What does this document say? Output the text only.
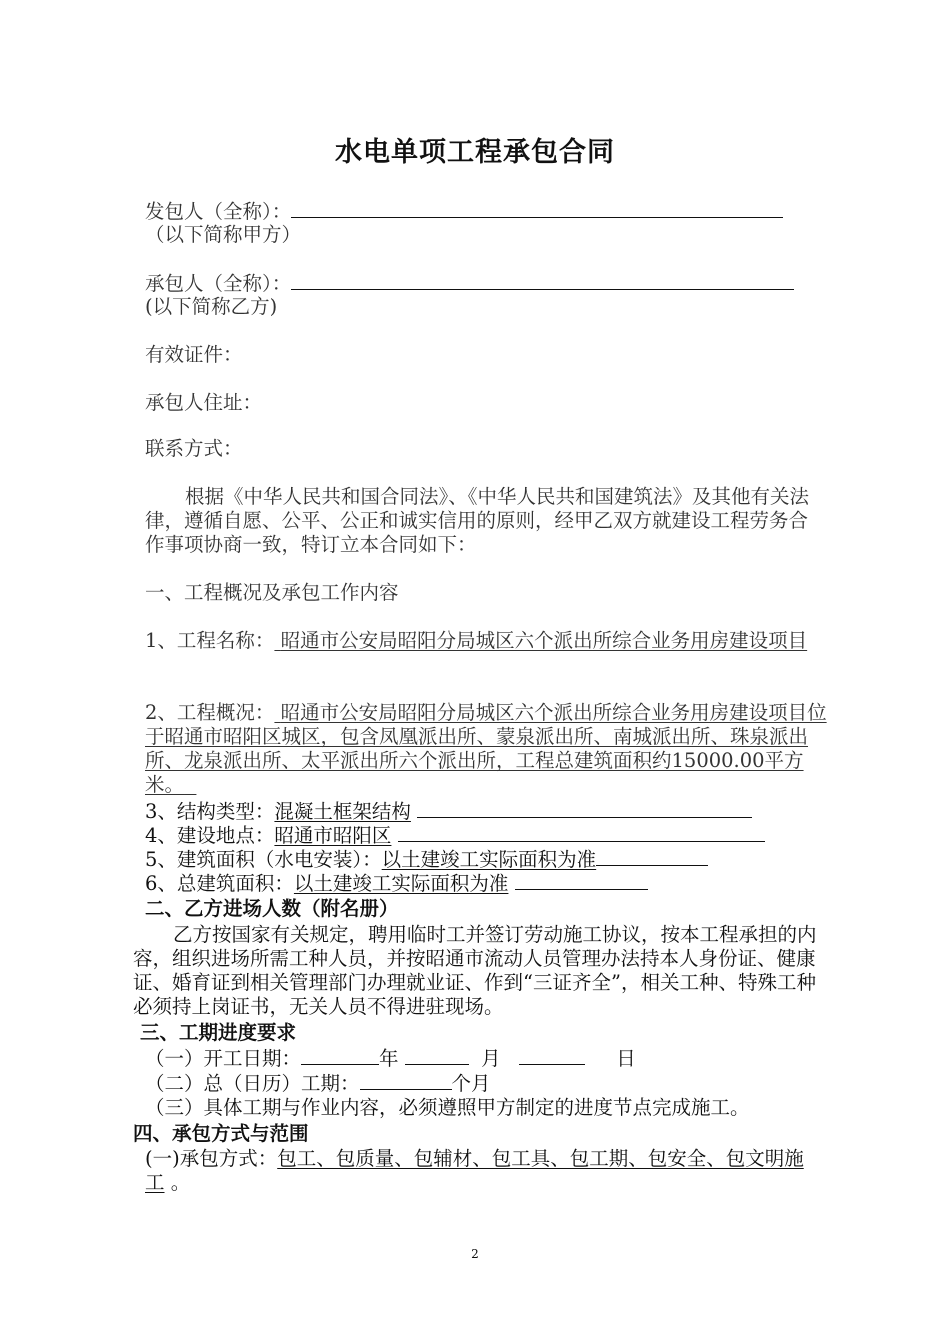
水电单项工程承包合同
发包人（全称）：
（以下简称甲方）
承包人（全称）：
(以下简称乙方)
有效证件：
承包人住址：
联系方式：
根据《中华人民共和国合同法》、《中华人民共和国建筑法》及其他有关法律，遵循自愿、公平、公正和诚实信用的原则，经甲乙双方就建设工程劳务合作事项协商一致，特订立本合同如下：
一、工程概况及承包工作内容
1、工程名称： 昭通市公安局昭阳分局城区六个派出所综合业务用房建设项目
2、工程概况： 昭通市公安局昭阳分局城区六个派出所综合业务用房建设项目位于昭通市昭阳区城区，包含凤凰派出所、蒙泉派出所、南城派出所、珠泉派出所、龙泉派出所、太平派出所六个派出所，工程总建筑面积约15000.00平方米。
3、结构类型：混凝土框架结构
4、建设地点：昭通市昭阳区
5、建筑面积（水电安装）：以土建竣工实际面积为准
6、总建筑面积：以土建竣工实际面积为准
二、乙方进场人数（附名册）
乙方按国家有关规定，聘用临时工并签订劳动施工协议，按本工程承担的内容，组织进场所需工种人员，并按昭通市流动人员管理办法持本人身份证、健康证、婚育证到相关管理部门办理就业证、作到“三证齐全”，相关工种、特殊工种必须持上岗证书，无关人员不得进驻现场。
三、工期进度要求
（一）开工日期：	年	月	日
（二）总（日历）工期：	个月
（三）具体工期与作业内容，必须遵照甲方制定的进度节点完成施工。
四、承包方式与范围
(一)承包方式：包工、包质量、包辅材、包工具、包工期、包安全、包文明施工 。
2
